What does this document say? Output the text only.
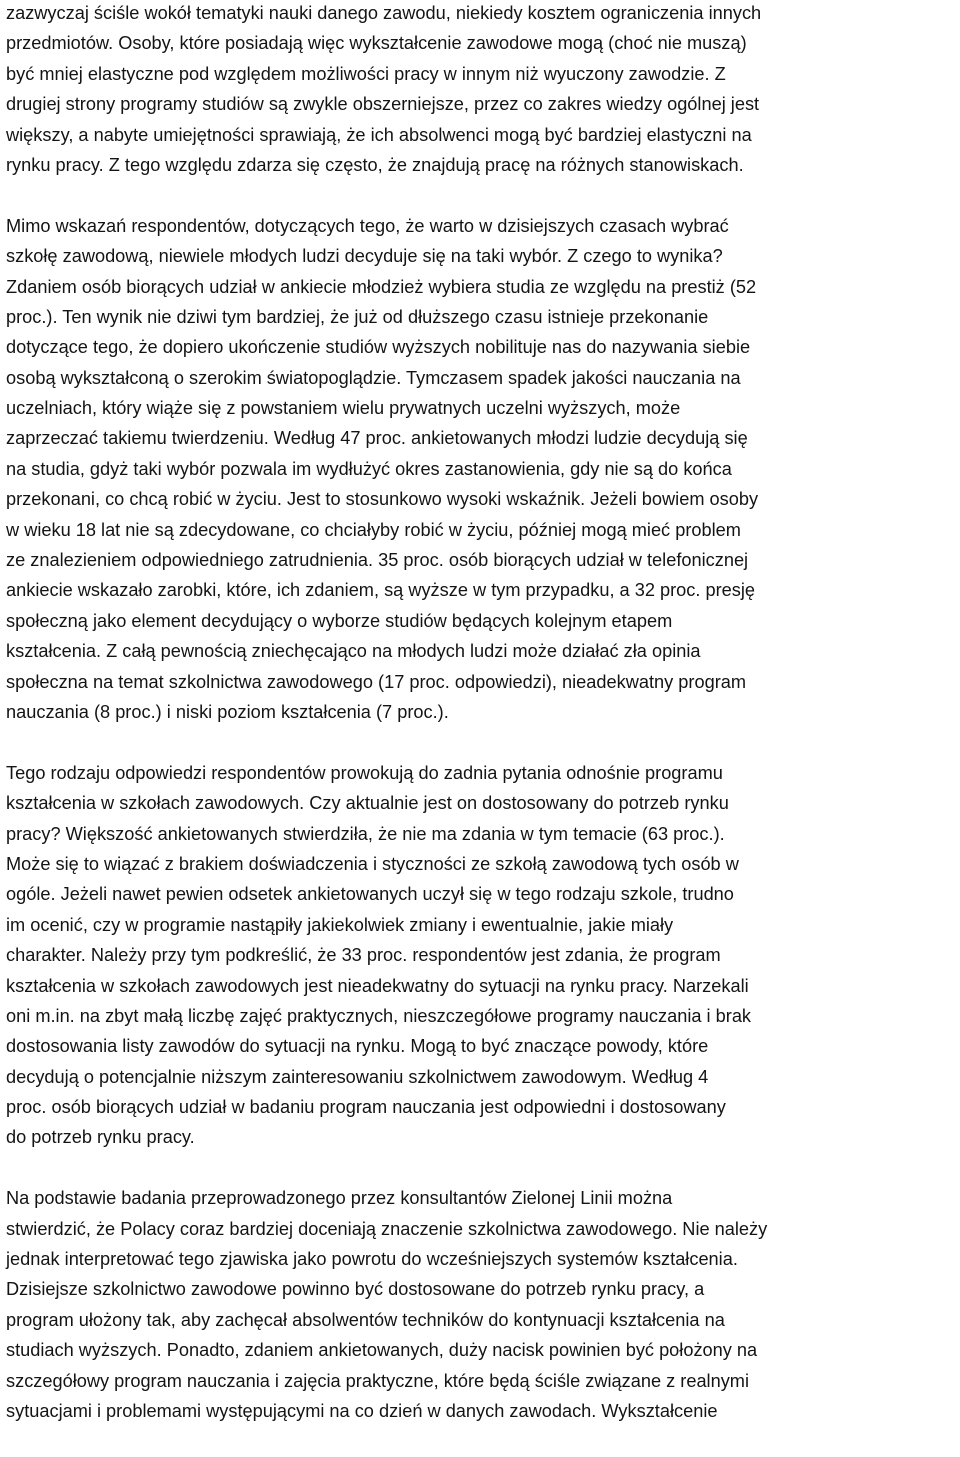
zazwyczaj ściśle wokół tematyki nauki danego zawodu, niekiedy kosztem ograniczenia innych
przedmiotów. Osoby, które posiadają więc wykształcenie zawodowe mogą (choć nie muszą)
być mniej elastyczne pod względem możliwości pracy w innym niż wyuczony zawodzie. Z
drugiej strony programy studiów są zwykle obszerniejsze, przez co zakres wiedzy ogólnej jest
większy, a nabyte umiejętności sprawiają, że ich absolwenci mogą być bardziej elastyczni na
rynku pracy. Z tego względu zdarza się często, że znajdują pracę na różnych stanowiskach.
Mimo wskazań respondentów, dotyczących tego, że warto w dzisiejszych czasach wybrać
szkołę zawodową, niewiele młodych ludzi decyduje się na taki wybór. Z czego to wynika?
Zdaniem osób biorących udział w ankiecie młodzież wybiera studia ze względu na prestiż (52
proc.). Ten wynik nie dziwi tym bardziej, że już od dłuższego czasu istnieje przekonanie
dotyczące tego, że dopiero ukończenie studiów wyższych nobilituje nas do nazywania siebie
osobą wykształconą o szerokim światopoglądzie. Tymczasem spadek jakości nauczania na
uczelniach, który wiąże się z powstaniem wielu prywatnych uczelni wyższych, może
zaprzeczać takiemu twierdzeniu. Według 47 proc. ankietowanych młodzi ludzie decydują się
na studia, gdyż taki wybór pozwala im wydłużyć okres zastanowienia, gdy nie są do końca
przekonani, co chcą robić w życiu. Jest to stosunkowo wysoki wskaźnik. Jeżeli bowiem osoby
w wieku 18 lat nie są zdecydowane, co chciałyby robić w życiu, później mogą mieć problem
ze znalezieniem odpowiedniego zatrudnienia. 35 proc. osób biorących udział w telefonicznej
ankiecie wskazało zarobki, które, ich zdaniem, są wyższe w tym przypadku, a 32 proc. presję
społeczną jako element decydujący o wyborze studiów będących kolejnym etapem
kształcenia. Z całą pewnością zniechęcająco na młodych ludzi może działać zła opinia
społeczna na temat szkolnictwa zawodowego (17 proc. odpowiedzi), nieadekwatny program
nauczania (8 proc.) i niski poziom kształcenia (7 proc.).
Tego rodzaju odpowiedzi respondentów prowokują do zadnia pytania odnośnie programu
kształcenia w szkołach zawodowych. Czy aktualnie jest on dostosowany do potrzeb rynku
pracy? Większość ankietowanych stwierdziła, że nie ma zdania w tym temacie (63 proc.).
Może się to wiązać z brakiem doświadczenia i styczności ze szkołą zawodową tych osób w
ogóle. Jeżeli nawet pewien odsetek ankietowanych uczył się w tego rodzaju szkole, trudno
im ocenić, czy w programie nastąpiły jakiekolwiek zmiany i ewentualnie, jakie miały
charakter. Należy przy tym podkreślić, że 33 proc. respondentów jest zdania, że program
kształcenia w szkołach zawodowych jest nieadekwatny do sytuacji na rynku pracy. Narzekali
oni m.in. na zbyt małą liczbę zajęć praktycznych, nieszczegółowe programy nauczania i brak
dostosowania listy zawodów do sytuacji na rynku. Mogą to być znaczące powody, które
decydują o potencjalnie niższym zainteresowaniu szkolnictwem zawodowym. Według 4
proc. osób biorących udział w badaniu program nauczania jest odpowiedni i dostosowany
do potrzeb rynku pracy.
Na podstawie badania przeprowadzonego przez konsultantów Zielonej Linii można
stwierdzić, że Polacy coraz bardziej doceniają znaczenie szkolnictwa zawodowego. Nie należy
jednak interpretować tego zjawiska jako powrotu do wcześniejszych systemów kształcenia.
Dzisiejsze szkolnictwo zawodowe powinno być dostosowane do potrzeb rynku pracy, a
program ułożony tak, aby zachęcał absolwentów techników do kontynuacji kształcenia na
studiach wyższych. Ponadto, zdaniem ankietowanych, duży nacisk powinien być położony na
szczegółowy program nauczania i zajęcia praktyczne, które będą ściśle związane z realnymi
sytuacjami i problemami występującymi na co dzień w danych zawodach. Wykształcenie
